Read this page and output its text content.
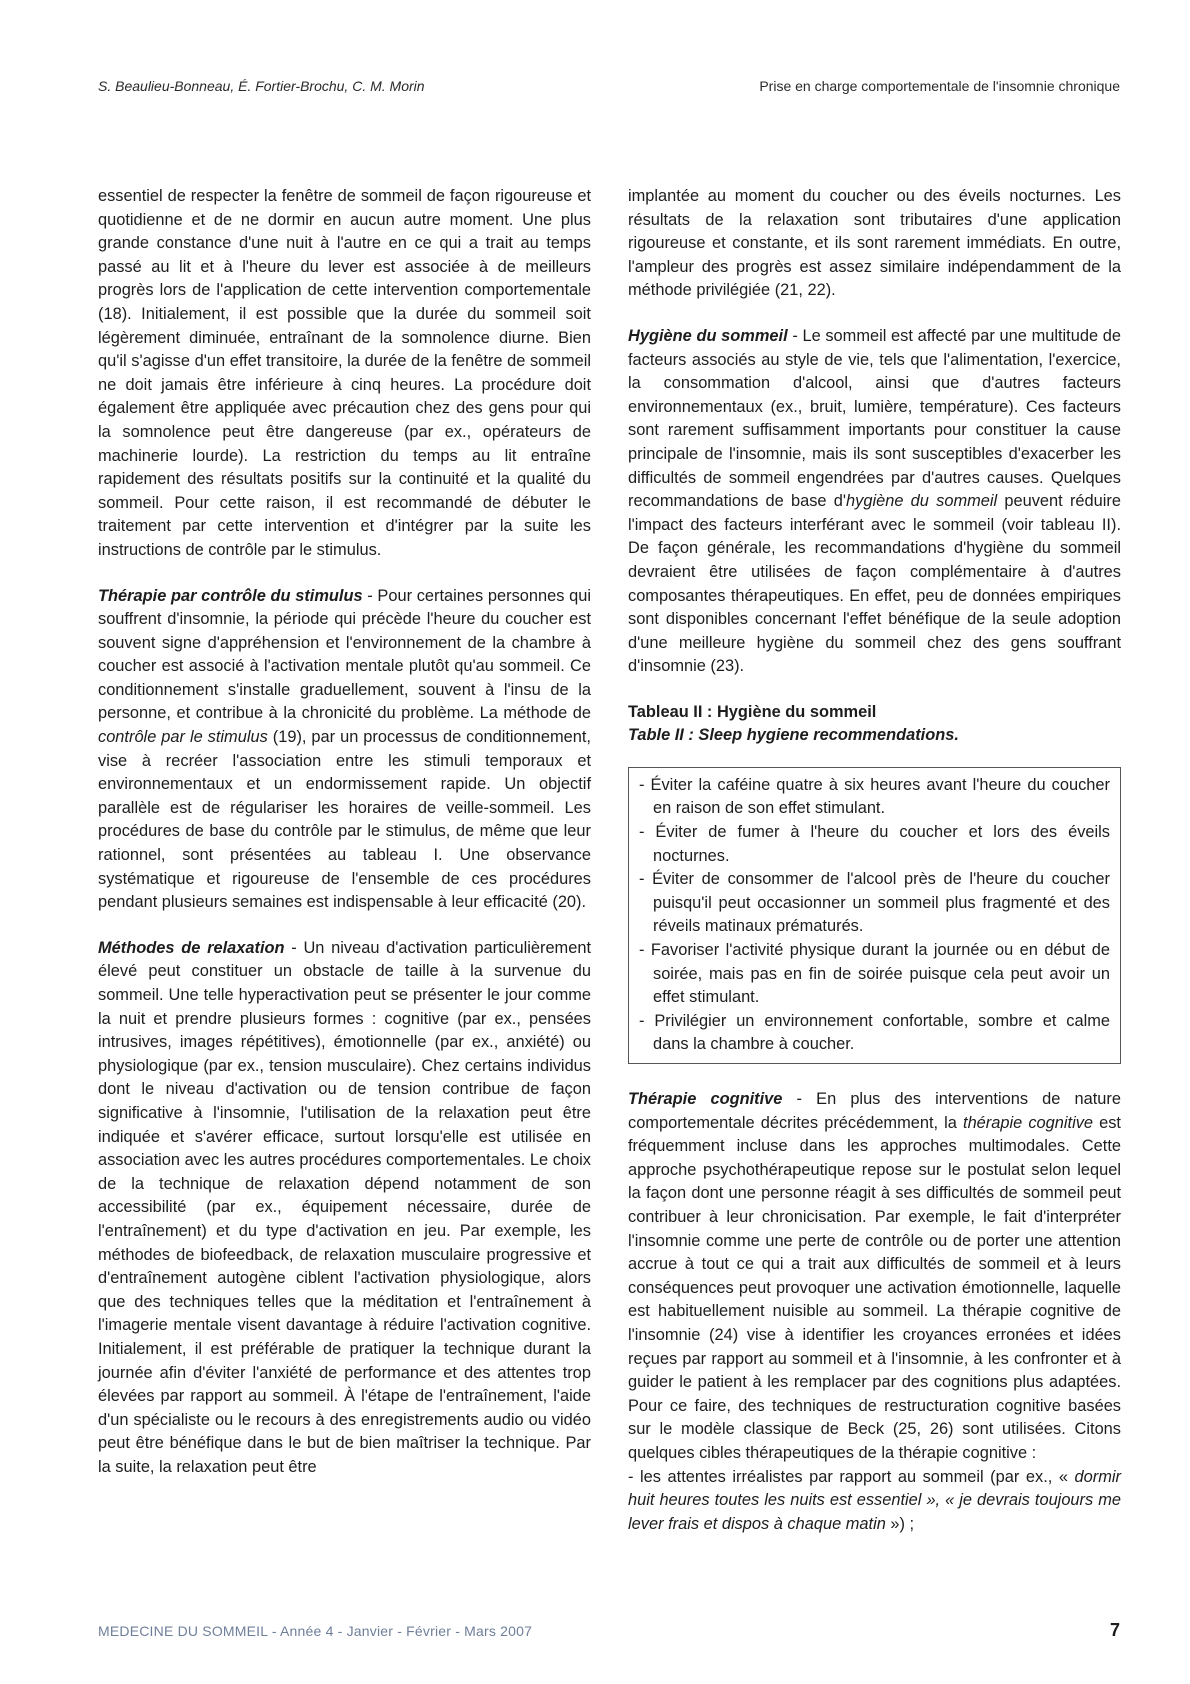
S. Beaulieu-Bonneau, É. Fortier-Brochu, C. M. Morin	Prise en charge comportementale de l'insomnie chronique

essentiel de respecter la fenêtre de sommeil de façon rigoureuse et quotidienne et de ne dormir en aucun autre moment. Une plus grande constance d'une nuit à l'autre en ce qui a trait au temps passé au lit et à l'heure du lever est associée à de meilleurs progrès lors de l'application de cette intervention comportementale (18). Initialement, il est possible que la durée du sommeil soit légèrement diminuée, entraînant de la somnolence diurne. Bien qu'il s'agisse d'un effet transitoire, la durée de la fenêtre de sommeil ne doit jamais être inférieure à cinq heures. La procédure doit également être appliquée avec précaution chez des gens pour qui la somnolence peut être dangereuse (par ex., opérateurs de machinerie lourde). La restriction du temps au lit entraîne rapidement des résultats positifs sur la continuité et la qualité du sommeil. Pour cette raison, il est recommandé de débuter le traitement par cette intervention et d'intégrer par la suite les instructions de contrôle par le stimulus.

Thérapie par contrôle du stimulus - Pour certaines personnes qui souffrent d'insomnie, la période qui précède l'heure du coucher est souvent signe d'appréhension et l'environnement de la chambre à coucher est associé à l'activation mentale plutôt qu'au sommeil. Ce conditionnement s'installe graduellement, souvent à l'insu de la personne, et contribue à la chronicité du problème. La méthode de contrôle par le stimulus (19), par un processus de conditionnement, vise à recréer l'association entre les stimuli temporaux et environnementaux et un endormissement rapide. Un objectif parallèle est de régulariser les horaires de veille-sommeil. Les procédures de base du contrôle par le stimulus, de même que leur rationnel, sont présentées au tableau I. Une observance systématique et rigoureuse de l'ensemble de ces procédures pendant plusieurs semaines est indispensable à leur efficacité (20).

Méthodes de relaxation - Un niveau d'activation particulièrement élevé peut constituer un obstacle de taille à la survenue du sommeil. Une telle hyperactivation peut se présenter le jour comme la nuit et prendre plusieurs formes : cognitive (par ex., pensées intrusives, images répétitives), émotionnelle (par ex., anxiété) ou physiologique (par ex., tension musculaire). Chez certains individus dont le niveau d'activation ou de tension contribue de façon significative à l'insomnie, l'utilisation de la relaxation peut être indiquée et s'avérer efficace, surtout lorsqu'elle est utilisée en association avec les autres procédures comportementales. Le choix de la technique de relaxation dépend notamment de son accessibilité (par ex., équipement nécessaire, durée de l'entraînement) et du type d'activation en jeu. Par exemple, les méthodes de biofeedback, de relaxation musculaire progressive et d'entraînement autogène ciblent l'activation physiologique, alors que des techniques telles que la méditation et l'entraînement à l'imagerie mentale visent davantage à réduire l'activation cognitive. Initialement, il est préférable de pratiquer la technique durant la journée afin d'éviter l'anxiété de performance et des attentes trop élevées par rapport au sommeil. À l'étape de l'entraînement, l'aide d'un spécialiste ou le recours à des enregistrements audio ou vidéo peut être bénéfique dans le but de bien maîtriser la technique. Par la suite, la relaxation peut être

implantée au moment du coucher ou des éveils nocturnes. Les résultats de la relaxation sont tributaires d'une application rigoureuse et constante, et ils sont rarement immédiats. En outre, l'ampleur des progrès est assez similaire indépendamment de la méthode privilégiée (21, 22).

Hygiène du sommeil - Le sommeil est affecté par une multitude de facteurs associés au style de vie, tels que l'alimentation, l'exercice, la consommation d'alcool, ainsi que d'autres facteurs environnementaux (ex., bruit, lumière, température). Ces facteurs sont rarement suffisamment importants pour constituer la cause principale de l'insomnie, mais ils sont susceptibles d'exacerber les difficultés de sommeil engendrées par d'autres causes. Quelques recommandations de base d'hygiène du sommeil peuvent réduire l'impact des facteurs interférant avec le sommeil (voir tableau II). De façon générale, les recommandations d'hygiène du sommeil devraient être utilisées de façon complémentaire à d'autres composantes thérapeutiques. En effet, peu de données empiriques sont disponibles concernant l'effet bénéfique de la seule adoption d'une meilleure hygiène du sommeil chez des gens souffrant d'insomnie (23).

Tableau II : Hygiène du sommeil
Table II : Sleep hygiene recommendations.
- Éviter la caféine quatre à six heures avant l'heure du coucher en raison de son effet stimulant.
- Éviter de fumer à l'heure du coucher et lors des éveils nocturnes.
- Éviter de consommer de l'alcool près de l'heure du coucher puisqu'il peut occasionner un sommeil plus fragmenté et des réveils matinaux prématurés.
- Favoriser l'activité physique durant la journée ou en début de soirée, mais pas en fin de soirée puisque cela peut avoir un effet stimulant.
- Privilégier un environnement confortable, sombre et calme dans la chambre à coucher.

Thérapie cognitive - En plus des interventions de nature comportementale décrites précédemment, la thérapie cognitive est fréquemment incluse dans les approches multimodales. Cette approche psychothérapeutique repose sur le postulat selon lequel la façon dont une personne réagit à ses difficultés de sommeil peut contribuer à leur chronicisation. Par exemple, le fait d'interpréter l'insomnie comme une perte de contrôle ou de porter une attention accrue à tout ce qui a trait aux difficultés de sommeil et à leurs conséquences peut provoquer une activation émotionnelle, laquelle est habituellement nuisible au sommeil. La thérapie cognitive de l'insomnie (24) vise à identifier les croyances erronées et idées reçues par rapport au sommeil et à l'insomnie, à les confronter et à guider le patient à les remplacer par des cognitions plus adaptées. Pour ce faire, des techniques de restructuration cognitive basées sur le modèle classique de Beck (25, 26) sont utilisées. Citons quelques cibles thérapeutiques de la thérapie cognitive :

- les attentes irréalistes par rapport au sommeil (par ex., « dormir huit heures toutes les nuits est essentiel », « je devrais toujours me lever frais et dispos à chaque matin ») ;

MEDECINE DU SOMMEIL - Année 4 - Janvier - Février - Mars 2007	7
